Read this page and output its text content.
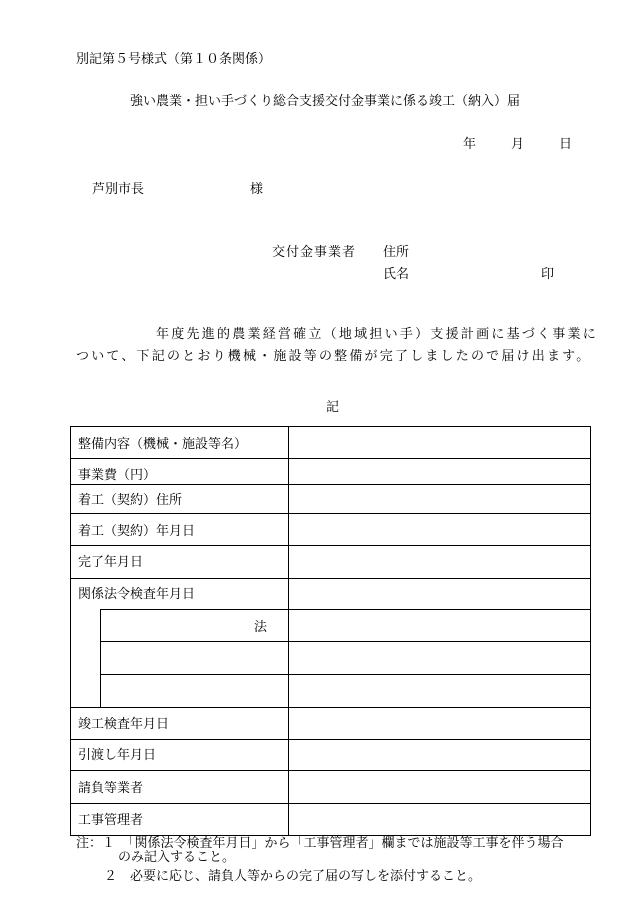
別記第５号様式（第１０条関係）
強い農業・担い手づくり総合支援交付金事業に係る竣工（納入）届
年	月	日
芦別市長	様
交付金事業者 住所
氏名	印
年度先進的農業経営確立（地域担い手）支援計画に基づく事業について、下記のとおり機械・施設等の整備が完了しましたので届け出ます。
記
整備内容（機械・施設等名）
事業費（円）
着工（契約）住所
着工（契約）年月日
完了年月日
関係法令検査年月日
法
竣工検査年月日
引渡し年月日
請負等業者
工事管理者
注：１　「関係法令検査年月日」から「工事管理者」欄までは施設等工事を伴う場合
のみ記入すること。
２　必要に応じ、請負人等からの完了届の写しを添付すること。
